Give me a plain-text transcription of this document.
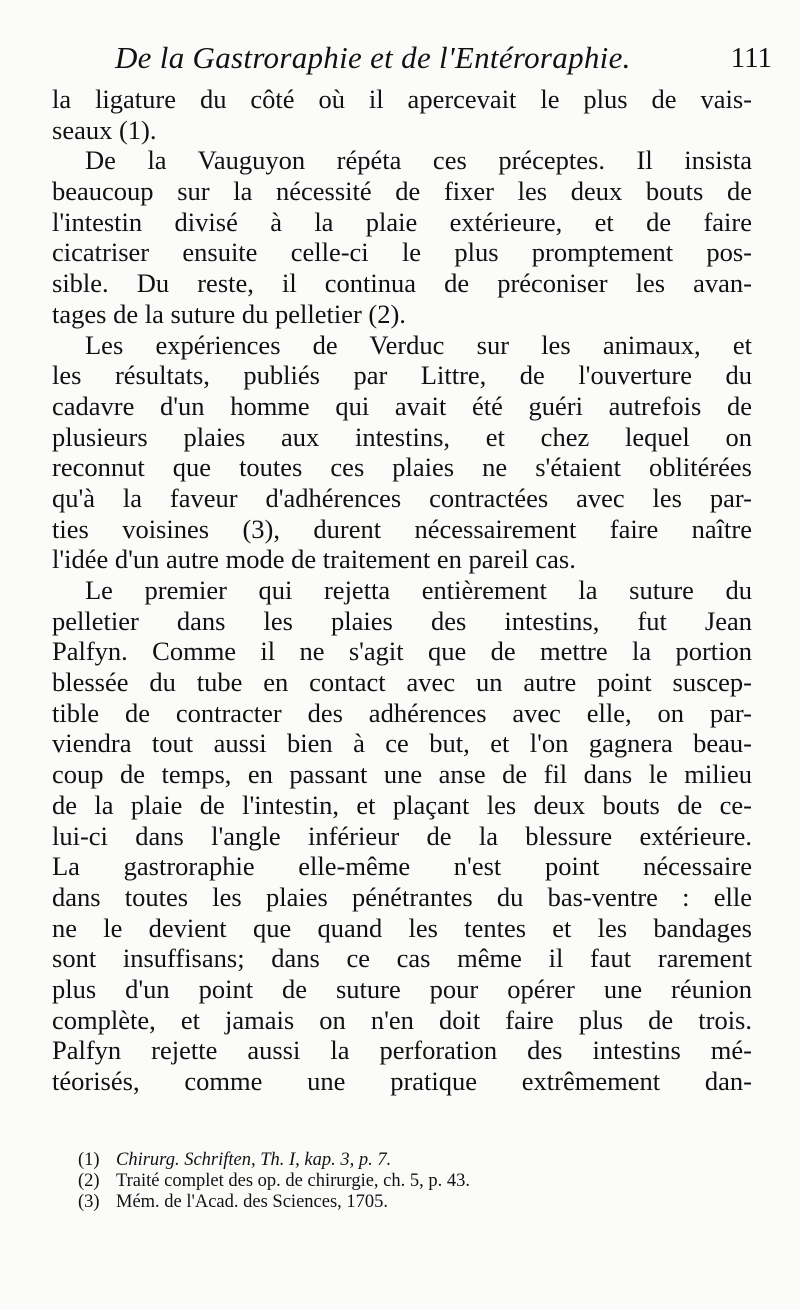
De la Gastroraphie et de l'Entéroraphie.	111
la ligature du côté où il apercevait le plus de vais-
seaux (1).
De la Vauguyon répéta ces préceptes. Il insista
beaucoup sur la nécessité de fixer les deux bouts de
l'intestin divisé à la plaie extérieure, et de faire
cicatriser ensuite celle-ci le plus promptement pos-
sible. Du reste, il continua de préconiser les avan-
tages de la suture du pelletier (2).
Les expériences de Verduc sur les animaux, et
les résultats, publiés par Littre, de l'ouverture du
cadavre d'un homme qui avait été guéri autrefois de
plusieurs plaies aux intestins, et chez lequel on
reconnut que toutes ces plaies ne s'étaient oblitérées
qu'à la faveur d'adhérences contractées avec les par-
ties voisines (3), durent nécessairement faire naître
l'idée d'un autre mode de traitement en pareil cas.
Le premier qui rejetta entièrement la suture du
pelletier dans les plaies des intestins, fut Jean
Palfyn. Comme il ne s'agit que de mettre la portion
blessée du tube en contact avec un autre point suscep-
tible de contracter des adhérences avec elle, on par-
viendra tout aussi bien à ce but, et l'on gagnera beau-
coup de temps, en passant une anse de fil dans le milieu
de la plaie de l'intestin, et plaçant les deux bouts de ce-
lui-ci dans l'angle inférieur de la blessure extérieure.
La gastroraphie elle-même n'est point nécessaire
dans toutes les plaies pénétrantes du bas-ventre : elle
ne le devient que quand les tentes et les bandages
sont insuffisans; dans ce cas même il faut rarement
plus d'un point de suture pour opérer une réunion
complète, et jamais on n'en doit faire plus de trois.
Palfyn rejette aussi la perforation des intestins mé-
téorisés, comme une pratique extrêmement dan-
(1) Chirurg. Schriften, Th. I, kap. 3, p. 7.
(2) Traité complet des op. de chirurgie, ch. 5, p. 43.
(3) Mém. de l'Acad. des Sciences, 1705.
